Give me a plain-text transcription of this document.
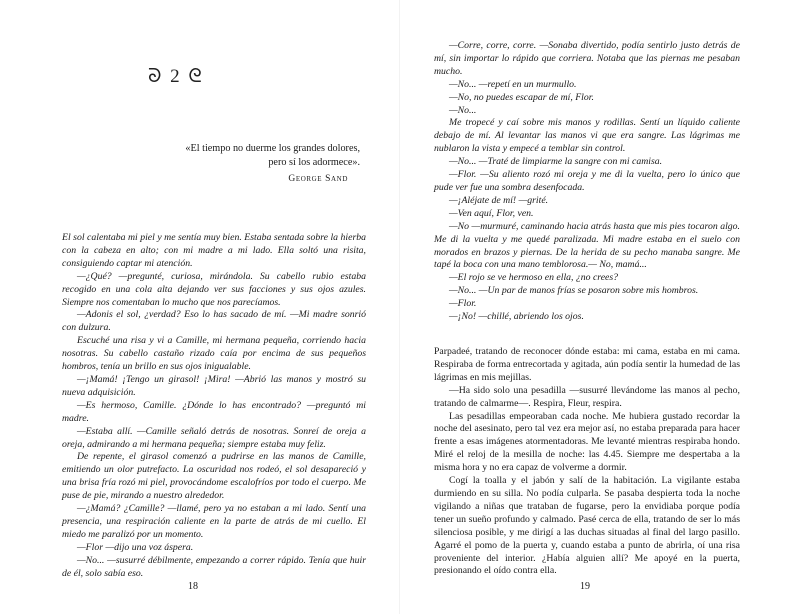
ᘐ 2 ᘓ
«El tiempo no duerme los grandes dolores,
pero sí los adormece».
George Sand

El sol calentaba mi piel y me sentía muy bien. Estaba sentada sobre la hierba con la cabeza en alto; con mi madre a mi lado. Ella soltó una risita, consiguiendo captar mi atención.

—¿Qué? —pregunté, curiosa, mirándola. Su cabello rubio estaba recogido en una cola alta dejando ver sus facciones y sus ojos azules. Siempre nos comentaban lo mucho que nos parecíamos.

—Adonis el sol, ¿verdad? Eso lo has sacado de mí. —Mi madre sonrió con dulzura.

Escuché una risa y vi a Camille, mi hermana pequeña, corriendo hacia nosotras. Su cabello castaño rizado caía por encima de sus pequeños hombros, tenía un brillo en sus ojos inigualable.

—¡Mamá! ¡Tengo un girasol! ¡Mira! —Abrió las manos y mostró su nueva adquisición.

—Es hermoso, Camille. ¿Dónde lo has encontrado? —preguntó mi madre.

—Estaba allí. —Camille señaló detrás de nosotras. Sonreí de oreja a oreja, admirando a mi hermana pequeña; siempre estaba muy feliz.

De repente, el girasol comenzó a pudrirse en las manos de Camille, emitiendo un olor putrefacto. La oscuridad nos rodeó, el sol desapareció y una brisa fría rozó mi piel, provocándome escalofríos por todo el cuerpo. Me puse de pie, mirando a nuestro alrededor.

—¿Mamá? ¿Camille? —llamé, pero ya no estaban a mi lado. Sentí una presencia, una respiración caliente en la parte de atrás de mi cuello. El miedo me paralizó por un momento.

—Flor —dijo una voz áspera.

—No... —susurré débilmente, empezando a correr rápido. Tenía que huir de él, solo sabía eso.

18

—Corre, corre, corre. —Sonaba divertido, podía sentirlo justo detrás de mí, sin importar lo rápido que corriera. Notaba que las piernas me pesaban mucho.

—No... —repetí en un murmullo.

—No, no puedes escapar de mí, Flor.

—No...

Me tropecé y caí sobre mis manos y rodillas. Sentí un líquido caliente debajo de mí. Al levantar las manos vi que era sangre. Las lágrimas me nublaron la vista y empecé a temblar sin control.

—No... —Traté de limpiarme la sangre con mi camisa.

—Flor. —Su aliento rozó mi oreja y me di la vuelta, pero lo único que pude ver fue una sombra desenfocada.

—¡Aléjate de mí! —grité.

—Ven aquí, Flor, ven.

—No —murmuré, caminando hacia atrás hasta que mis pies tocaron algo. Me di la vuelta y me quedé paralizada. Mi madre estaba en el suelo con morados en brazos y piernas. De la herida de su pecho manaba sangre. Me tapé la boca con una mano temblorosa.— No, mamá...

—El rojo se ve hermoso en ella, ¿no crees?

—No... —Un par de manos frías se posaron sobre mis hombros.

—Flor.

—¡No! —chillé, abriendo los ojos.

Parpadeé, tratando de reconocer dónde estaba: mi cama, estaba en mi cama. Respiraba de forma entrecortada y agitada, aún podía sentir la humedad de las lágrimas en mis mejillas.

—Ha sido solo una pesadilla —susurré llevándome las manos al pecho, tratando de calmarme—. Respira, Fleur, respira.

Las pesadillas empeoraban cada noche. Me hubiera gustado recordar la noche del asesinato, pero tal vez era mejor así, no estaba preparada para hacer frente a esas imágenes atormentadoras. Me levanté mientras respiraba hondo. Miré el reloj de la mesilla de noche: las 4.45. Siempre me despertaba a la misma hora y no era capaz de volverme a dormir.

Cogí la toalla y el jabón y salí de la habitación. La vigilante estaba durmiendo en su silla. No podía culparla. Se pasaba despierta toda la noche vigilando a niñas que trataban de fugarse, pero la envidiaba porque podía tener un sueño profundo y calmado. Pasé cerca de ella, tratando de ser lo más silenciosa posible, y me dirigí a las duchas situadas al final del largo pasillo. Agarré el pomo de la puerta y, cuando estaba a punto de abrirla, oí una risa proveniente del interior. ¿Había alguien allí? Me apoyé en la puerta, presionando el oído contra ella.

19
